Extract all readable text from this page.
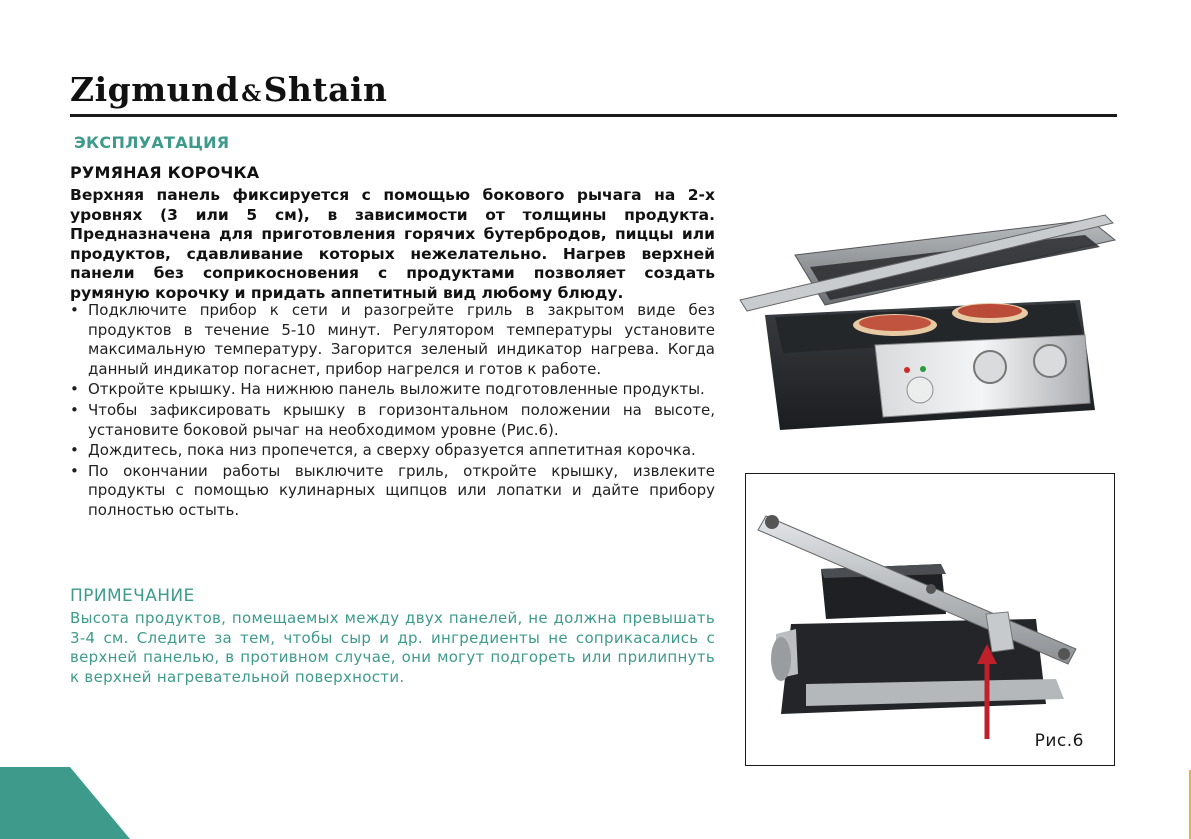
Zigmund&Shtain
ЭКСПЛУАТАЦИЯ
РУМЯНАЯ КОРОЧКА

Верхняя панель фиксируется с помощью бокового рычага на 2-х уровнях (3 или 5 см), в зависимости от толщины продукта. Предназначена для приготовления горячих бутербродов, пиццы или продуктов, сдавливание которых нежелательно. Нагрев верхней панели без соприкосновения с продуктами позволяет создать румяную корочку и придать аппетитный вид любому блюду.

• Подключите прибор к сети и разогрейте гриль в закрытом виде без продуктов в течение 5-10 минут. Регулятором температуры установите максимальную температуру. Загорится зеленый индикатор нагрева. Когда данный индикатор погаснет, прибор нагрелся и готов к работе.
• Откройте крышку. На нижнюю панель выложите подготовленные продукты.
• Чтобы зафиксировать крышку в горизонтальном положении на высоте, установите боковой рычаг на необходимом уровне (Рис.6).
• Дождитесь, пока низ пропечется, а сверху образуется аппетитная корочка.
• По окончании работы выключите гриль, откройте крышку, извлеките продукты с помощью кулинарных щипцов или лопатки и дайте прибору полностью остыть.
ПРИМЕЧАНИЕ

Высота продуктов, помещаемых между двух панелей, не должна превышать 3-4 см. Следите за тем, чтобы сыр и др. ингредиенты не соприкасались с верхней панелью, в противном случае, они могут подгореть или прилипнуть к верхней нагревательной поверхности.

Рис.6
